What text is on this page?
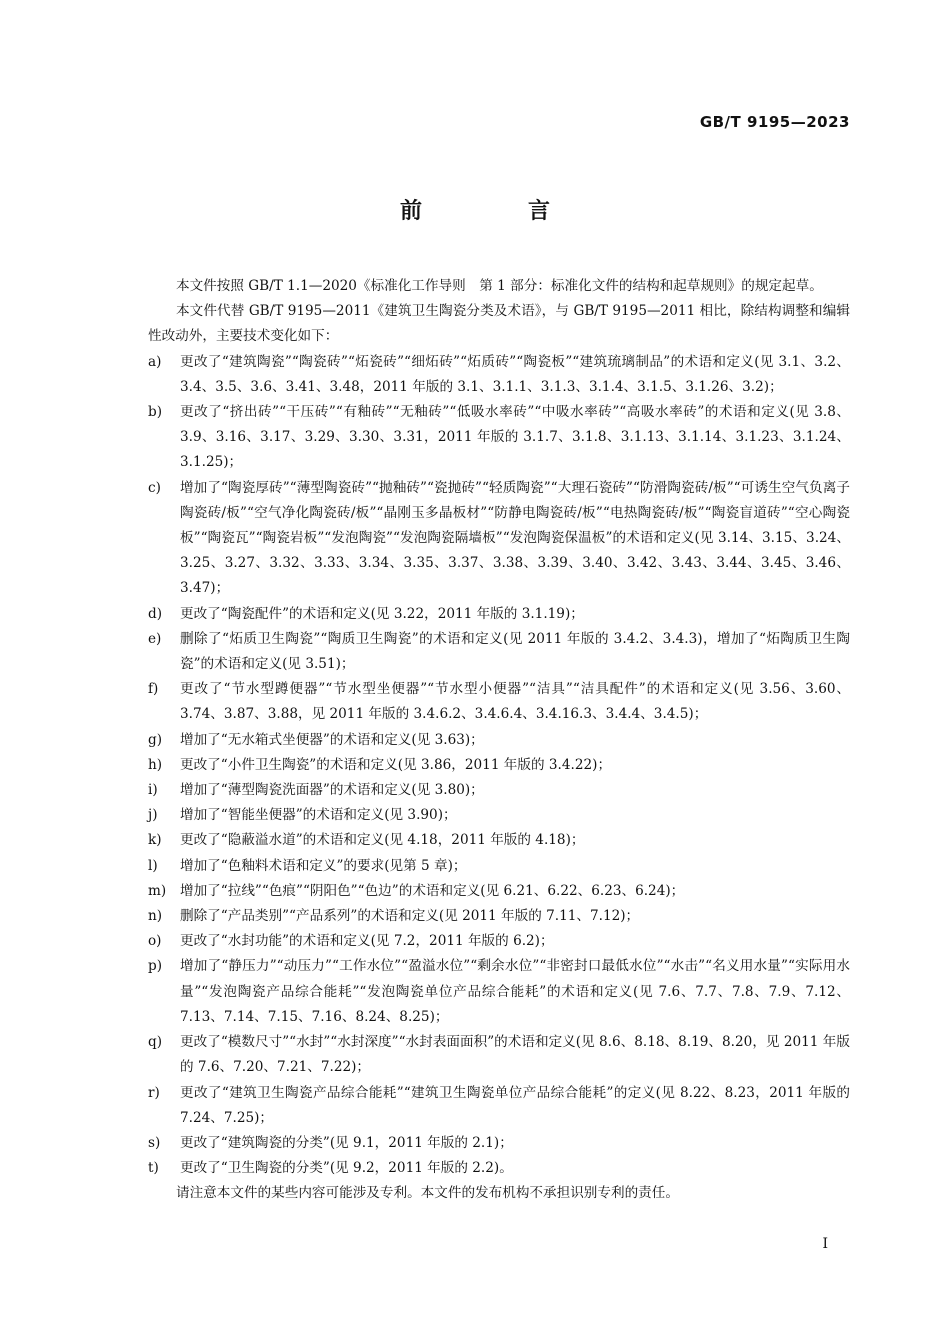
GB/T 9195—2023
前　言

本文件按照 GB/T 1.1—2020《标准化工作导则　第 1 部分：标准化文件的结构和起草规则》的规定起草。

本文件代替 GB/T 9195—2011《建筑卫生陶瓷分类及术语》，与 GB/T 9195—2011 相比，除结构调整和编辑性改动外，主要技术变化如下：

a)	更改了“建筑陶瓷”“陶瓷砖”“炻瓷砖”“细炻砖”“炻质砖”“陶瓷板”“建筑琉璃制品”的术语和定义(见 3.1、3.2、3.4、3.5、3.6、3.41、3.48，2011 年版的 3.1、3.1.1、3.1.3、3.1.4、3.1.5、3.1.26、3.2)；
b)	更改了“挤出砖”“干压砖”“有釉砖”“无釉砖”“低吸水率砖”“中吸水率砖”“高吸水率砖”的术语和定义(见 3.8、3.9、3.16、3.17、3.29、3.30、3.31，2011 年版的 3.1.7、3.1.8、3.1.13、3.1.14、3.1.23、3.1.24、3.1.25)；
c)	增加了“陶瓷厚砖”“薄型陶瓷砖”“抛釉砖”“瓷抛砖”“轻质陶瓷”“大理石瓷砖”“防滑陶瓷砖/板”“可诱生空气负离子陶瓷砖/板”“空气净化陶瓷砖/板”“晶刚玉多晶板材”“防静电陶瓷砖/板”“电热陶瓷砖/板”“陶瓷盲道砖”“空心陶瓷板”“陶瓷瓦”“陶瓷岩板”“发泡陶瓷”“发泡陶瓷隔墙板”“发泡陶瓷保温板”的术语和定义(见 3.14、3.15、3.24、3.25、3.27、3.32、3.33、3.34、3.35、3.37、3.38、3.39、3.40、3.42、3.43、3.44、3.45、3.46、3.47)；
d)	更改了“陶瓷配件”的术语和定义(见 3.22，2011 年版的 3.1.19)；
e)	删除了“炻质卫生陶瓷”“陶质卫生陶瓷”的术语和定义(见 2011 年版的 3.4.2、3.4.3)，增加了“炻陶质卫生陶瓷”的术语和定义(见 3.51)；
f)	更改了“节水型蹲便器”“节水型坐便器”“节水型小便器”“洁具”“洁具配件”的术语和定义(见 3.56、3.60、3.74、3.87、3.88，见 2011 年版的 3.4.6.2、3.4.6.4、3.4.16.3、3.4.4、3.4.5)；
g)	增加了“无水箱式坐便器”的术语和定义(见 3.63)；
h)	更改了“小件卫生陶瓷”的术语和定义(见 3.86，2011 年版的 3.4.22)；
i)	增加了“薄型陶瓷洗面器”的术语和定义(见 3.80)；
j)	增加了“智能坐便器”的术语和定义(见 3.90)；
k)	更改了“隐蔽溢水道”的术语和定义(见 4.18，2011 年版的 4.18)；
l)	增加了“色釉料术语和定义”的要求(见第 5 章)；
m)	增加了“拉线”“色痕”“阴阳色”“色边”的术语和定义(见 6.21、6.22、6.23、6.24)；
n)	删除了“产品类别”“产品系列”的术语和定义(见 2011 年版的 7.11、7.12)；
o)	更改了“水封功能”的术语和定义(见 7.2，2011 年版的 6.2)；
p)	增加了“静压力”“动压力”“工作水位”“盈溢水位”“剩余水位”“非密封口最低水位”“水击”“名义用水量”“实际用水量”“发泡陶瓷产品综合能耗”“发泡陶瓷单位产品综合能耗”的术语和定义(见 7.6、7.7、7.8、7.9、7.12、7.13、7.14、7.15、7.16、8.24、8.25)；
q)	更改了“模数尺寸”“水封”“水封深度”“水封表面面积”的术语和定义(见 8.6、8.18、8.19、8.20，见 2011 年版的 7.6、7.20、7.21、7.22)；
r)	更改了“建筑卫生陶瓷产品综合能耗”“建筑卫生陶瓷单位产品综合能耗”的定义(见 8.22、8.23，2011 年版的 7.24、7.25)；
s)	更改了“建筑陶瓷的分类”(见 9.1，2011 年版的 2.1)；
t)	更改了“卫生陶瓷的分类”(见 9.2，2011 年版的 2.2)。

请注意本文件的某些内容可能涉及专利。本文件的发布机构不承担识别专利的责任。

I
